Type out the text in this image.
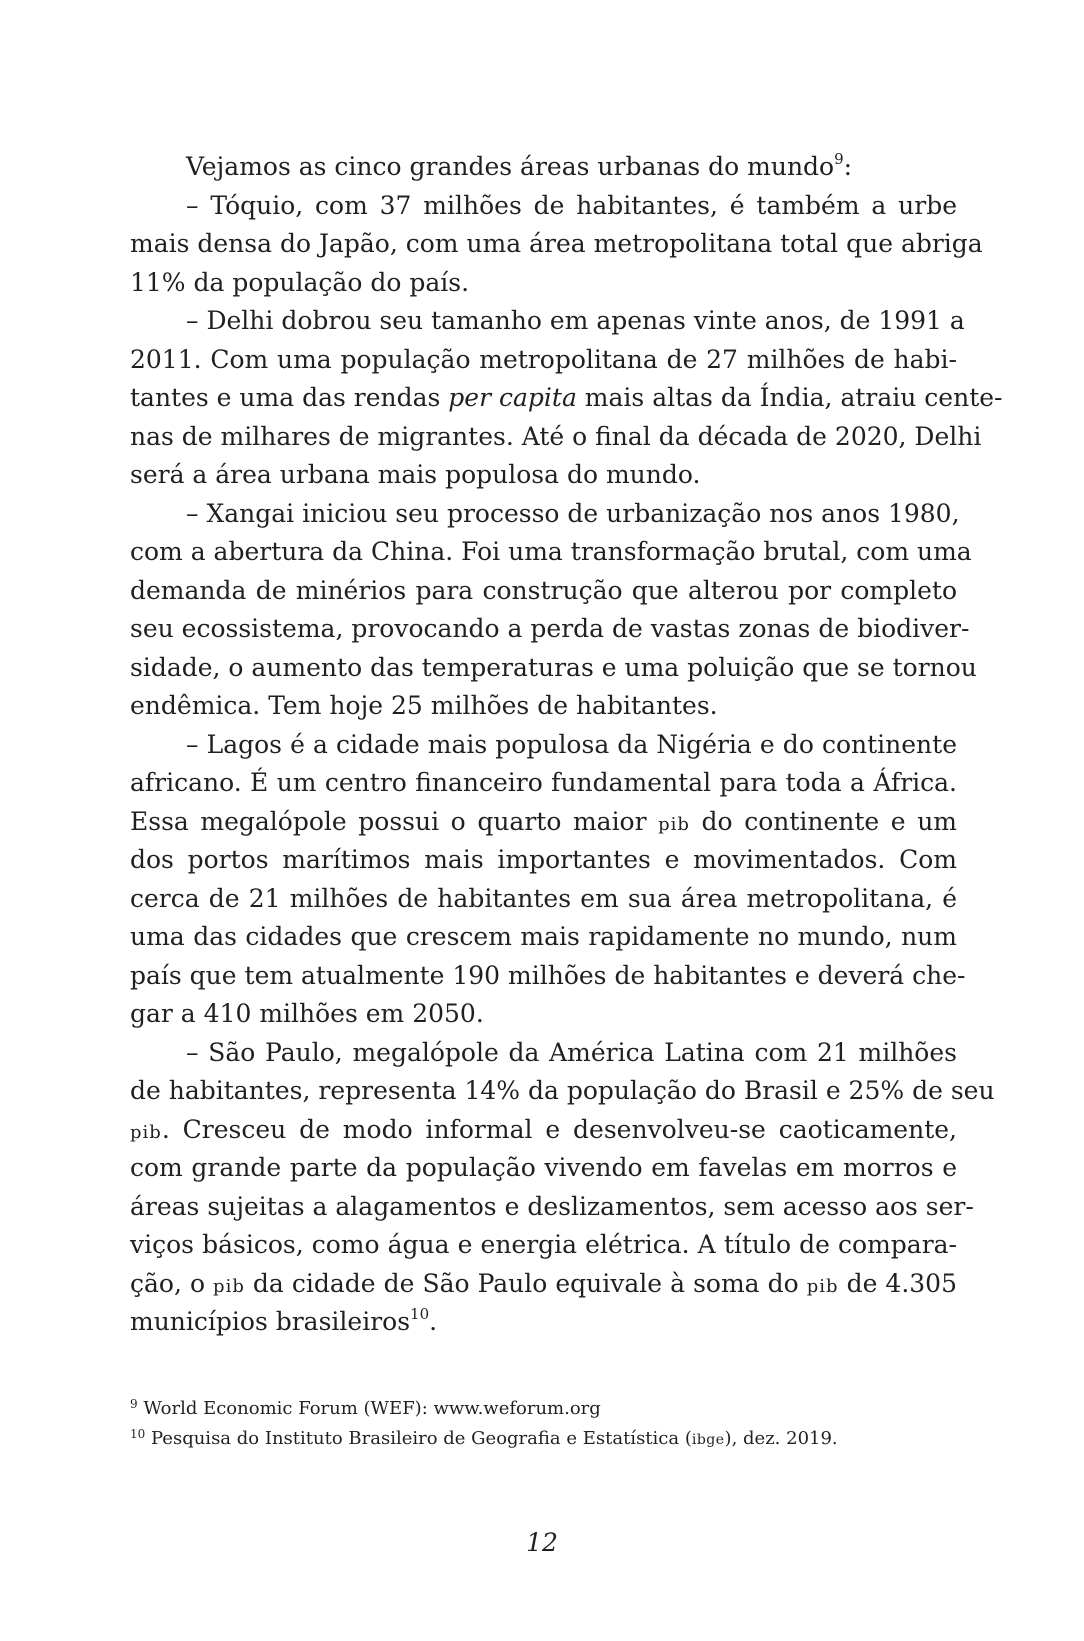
Vejamos as cinco grandes áreas urbanas do mundo$^9$:
– Tóquio, com 37 milhões de habitantes, é também a urbe
mais densa do Japão, com uma área metropolitana total que abriga
11% da população do país.
– Delhi dobrou seu tamanho em apenas vinte anos, de 1991 a
2011. Com uma população metropolitana de 27 milhões de habi-
tantes e uma das rendas per capita mais altas da Índia, atraiu cente-
nas de milhares de migrantes. Até o final da década de 2020, Delhi
será a área urbana mais populosa do mundo.
– Xangai iniciou seu processo de urbanização nos anos 1980,
com a abertura da China. Foi uma transformação brutal, com uma
demanda de minérios para construção que alterou por completo
seu ecossistema, provocando a perda de vastas zonas de biodiver-
sidade, o aumento das temperaturas e uma poluição que se tornou
endêmica. Tem hoje 25 milhões de habitantes.
– Lagos é a cidade mais populosa da Nigéria e do continente
africano. É um centro financeiro fundamental para toda a África.
Essa megalópole possui o quarto maior pib do continente e um
dos portos marítimos mais importantes e movimentados. Com
cerca de 21 milhões de habitantes em sua área metropolitana, é
uma das cidades que crescem mais rapidamente no mundo, num
país que tem atualmente 190 milhões de habitantes e deverá che-
gar a 410 milhões em 2050.
– São Paulo, megalópole da América Latina com 21 milhões
de habitantes, representa 14% da população do Brasil e 25% de seu
pib. Cresceu de modo informal e desenvolveu-se caoticamente,
com grande parte da população vivendo em favelas em morros e
áreas sujeitas a alagamentos e deslizamentos, sem acesso aos ser-
viços básicos, como água e energia elétrica. A título de compara-
ção, o pib da cidade de São Paulo equivale à soma do pib de 4.305
municípios brasileiros$^{10}$.
$^9$ World Economic Forum (WEF): www.weforum.org
$^{10}$ Pesquisa do Instituto Brasileiro de Geografia e Estatística (ibge), dez. 2019.
12
